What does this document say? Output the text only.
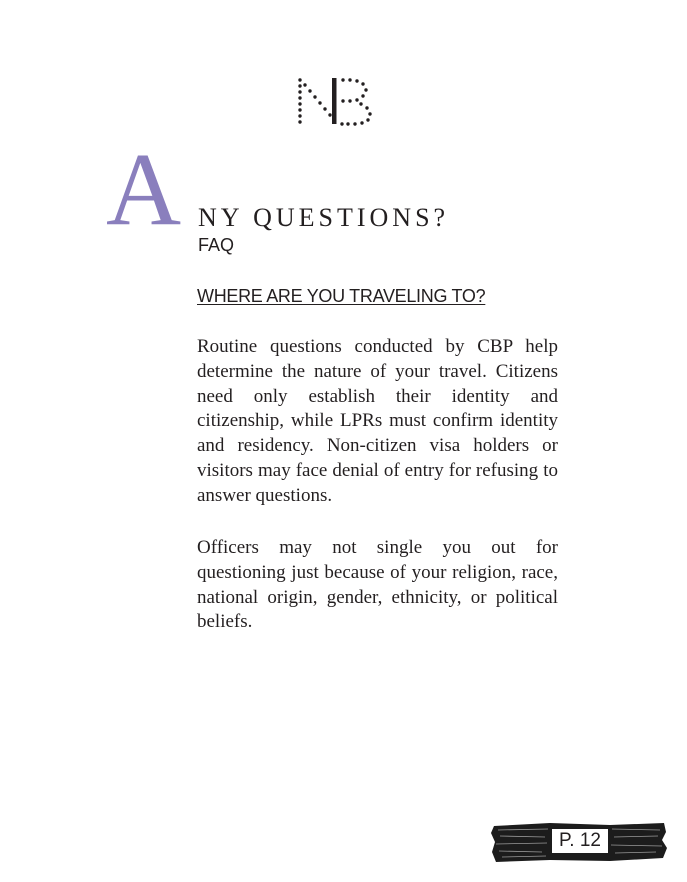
A NY QUESTIONS?
FAQ
WHERE ARE YOU TRAVELING TO?

Routine questions conducted by CBP help determine the nature of your travel. Citizens need only establish their identity and citizenship, while LPRs must confirm identity and residency. Non-citizen visa holders or visitors may face denial of entry for refusing to answer questions.

Officers may not single you out for questioning just because of your religion, race, national origin, gender, ethnicity, or political beliefs.

P. 12
